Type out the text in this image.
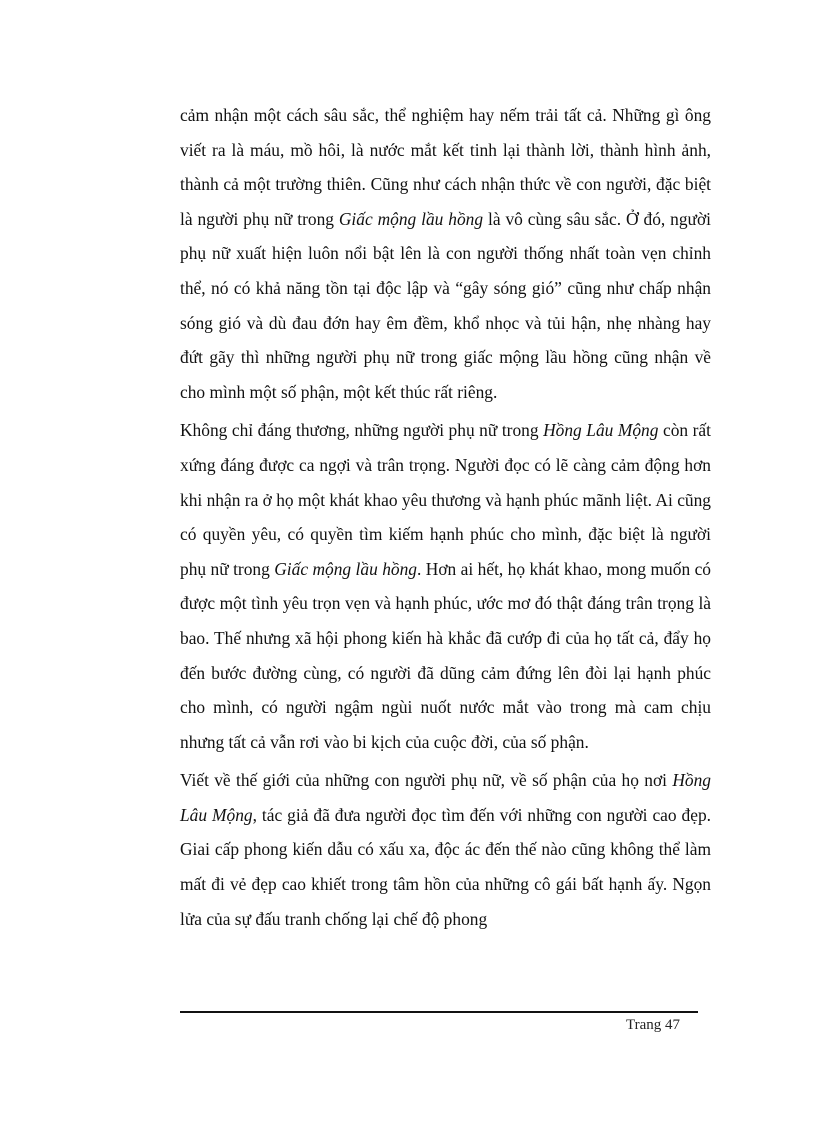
cảm nhận một cách sâu sắc, thể nghiệm hay nếm trải tất cả. Những gì ông viết ra là máu, mồ hôi, là nước mắt kết tinh lại thành lời, thành hình ảnh, thành cả một trường thiên. Cũng như cách nhận thức về con người, đặc biệt là người phụ nữ trong Giấc mộng lầu hồng là vô cùng sâu sắc. Ở đó, người phụ nữ xuất hiện luôn nổi bật lên là con người thống nhất toàn vẹn chỉnh thể, nó có khả năng tồn tại độc lập và “gây sóng gió” cũng như chấp nhận sóng gió và dù đau đớn hay êm đềm, khổ nhọc và tủi hận, nhẹ nhàng hay đứt gãy thì những người phụ nữ trong giấc mộng lầu hồng cũng nhận về cho mình một số phận, một kết thúc rất riêng.

Không chỉ đáng thương, những người phụ nữ trong Hồng Lâu Mộng còn rất xứng đáng được ca ngợi và trân trọng. Người đọc có lẽ càng cảm động hơn khi nhận ra ở họ một khát khao yêu thương và hạnh phúc mãnh liệt. Ai cũng có quyền yêu, có quyền tìm kiếm hạnh phúc cho mình, đặc biệt là người phụ nữ trong Giấc mộng lầu hồng. Hơn ai hết, họ khát khao, mong muốn có được một tình yêu trọn vẹn và hạnh phúc, ước mơ đó thật đáng trân trọng là bao. Thế nhưng xã hội phong kiến hà khắc đã cướp đi của họ tất cả, đẩy họ đến bước đường cùng, có người đã dũng cảm đứng lên đòi lại hạnh phúc cho mình, có người ngậm ngùi nuốt nước mắt vào trong mà cam chịu nhưng tất cả vẫn rơi vào bi kịch của cuộc đời, của số phận.

Viết về thế giới của những con người phụ nữ, về số phận của họ nơi Hồng Lâu Mộng, tác giả đã đưa người đọc tìm đến với những con người cao đẹp. Giai cấp phong kiến dẫu có xấu xa, độc ác đến thế nào cũng không thể làm mất đi vẻ đẹp cao khiết trong tâm hồn của những cô gái bất hạnh ấy. Ngọn lửa của sự đấu tranh chống lại chế độ phong

Trang 47
